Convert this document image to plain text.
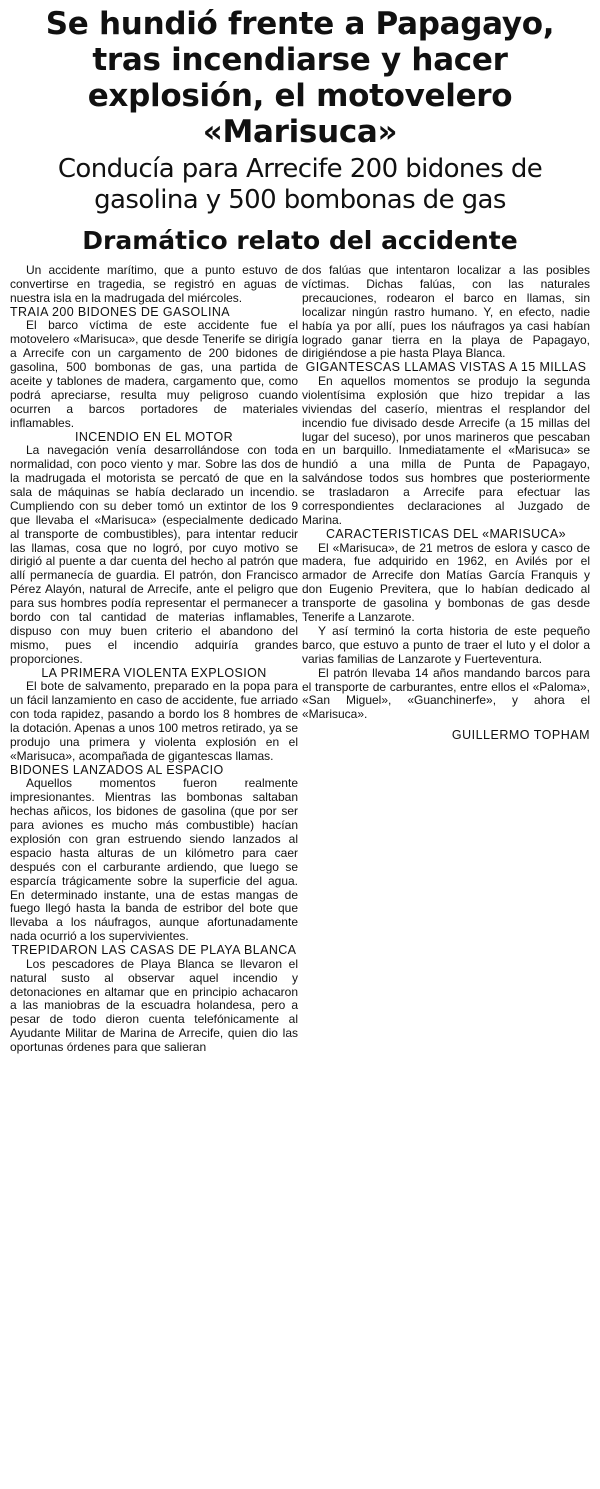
Se hundió frente a Papagayo, tras incendiarse y hacer explosión, el motovelero «Marisuca»
Conducía para Arrecife 200 bidones de gasolina y 500 bombonas de gas
Dramático relato del accidente

Un accidente marítimo, que a punto estuvo de convertirse en tragedia, se registró en aguas de nuestra isla en la madrugada del miércoles.

TRAIA 200 BIDONES DE GASOLINA

El barco víctima de este accidente fue el motovelero «Marisuca», que desde Tenerife se dirigía a Arrecife con un cargamento de 200 bidones de gasolina, 500 bombonas de gas, una partida de aceite y tablones de madera, cargamento que, como podrá apreciarse, resulta muy peligroso cuando ocurren a barcos portadores de materiales inflamables.

INCENDIO EN EL MOTOR

La navegación venía desarrollándose con toda normalidad, con poco viento y mar. Sobre las dos de la madrugada el motorista se percató de que en la sala de máquinas se había declarado un incendio. Cumpliendo con su deber tomó un extintor de los 9 que llevaba el «Marisuca» (especialmente dedicado al transporte de combustibles), para intentar reducir las llamas, cosa que no logró, por cuyo motivo se dirigió al puente a dar cuenta del hecho al patrón que allí permanecía de guardia. El patrón, don Francisco Pérez Alayón, natural de Arrecife, ante el peligro que para sus hombres podía representar el permanecer a bordo con tal cantidad de materias inflamables, dispuso con muy buen criterio el abandono del mismo, pues el incendio adquiría grandes proporciones.

LA PRIMERA VIOLENTA EXPLOSION

El bote de salvamento, preparado en la popa para un fácil lanzamiento en caso de accidente, fue arriado con toda rapidez, pasando a bordo los 8 hombres de la dotación. Apenas a unos 100 metros retirado, ya se produjo una primera y violenta explosión en el «Marisuca», acompañada de gigantescas llamas.

BIDONES LANZADOS AL ESPACIO

Aquellos momentos fueron realmente impresionantes. Mientras las bombonas saltaban hechas añicos, los bidones de gasolina (que por ser para aviones es mucho más combustible) hacían explosión con gran estruendo siendo lanzados al espacio hasta alturas de un kilómetro para caer después con el carburante ardiendo, que luego se esparcía trágicamente sobre la superficie del agua. En determinado instante, una de estas mangas de fuego llegó hasta la banda de estribor del bote que llevaba a los náufragos, aunque afortunadamente nada ocurrió a los supervivientes.

TREPIDARON LAS CASAS DE PLAYA BLANCA

Los pescadores de Playa Blanca se llevaron el natural susto al observar aquel incendio y detonaciones en altamar que en principio achacaron a las maniobras de la escuadra holandesa, pero a pesar de todo dieron cuenta telefónicamente al Ayudante Militar de Marina de Arrecife, quien dio las oportunas órdenes para que salieran

dos falúas que intentaron localizar a las posibles víctimas. Dichas falúas, con las naturales precauciones, rodearon el barco en llamas, sin localizar ningún rastro humano. Y, en efecto, nadie había ya por allí, pues los náufragos ya casi habían logrado ganar tierra en la playa de Papagayo, dirigiéndose a pie hasta Playa Blanca.

GIGANTESCAS LLAMAS VISTAS A 15 MILLAS

En aquellos momentos se produjo la segunda violentísima explosión que hizo trepidar a las viviendas del caserío, mientras el resplandor del incendio fue divisado desde Arrecife (a 15 millas del lugar del suceso), por unos marineros que pescaban en un barquillo. Inmediatamente el «Marisuca» se hundió a una milla de Punta de Papagayo, salvándose todos sus hombres que posteriormente se trasladaron a Arrecife para efectuar las correspondientes declaraciones al Juzgado de Marina.

CARACTERISTICAS DEL «MARISUCA»

El «Marisuca», de 21 metros de eslora y casco de madera, fue adquirido en 1962, en Avilés por el armador de Arrecife don Matías García Franquis y don Eugenio Previtera, que lo habían dedicado al transporte de gasolina y bombonas de gas desde Tenerife a Lanzarote.

Y así terminó la corta historia de este pequeño barco, que estuvo a punto de traer el luto y el dolor a varias familias de Lanzarote y Fuerteventura.

El patrón llevaba 14 años mandando barcos para el transporte de carburantes, entre ellos el «Paloma», «San Miguel», «Guanchinerfe», y ahora el «Marisuca».

GUILLERMO TOPHAM
